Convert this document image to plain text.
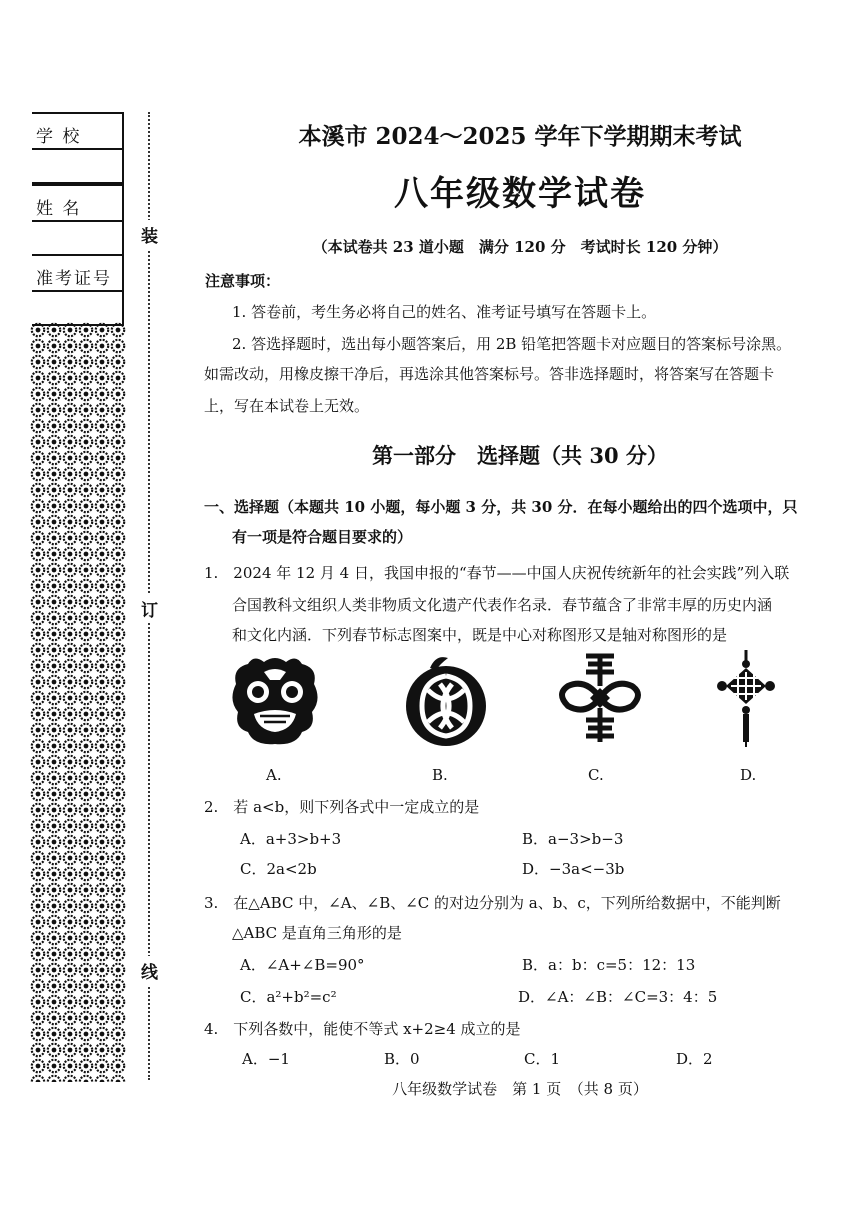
学 校
姓 名
准考证号
装
订
线
本溪市 2024～2025 学年下学期期末考试
八年级数学试卷
（本试卷共 23 道小题　满分 120 分　考试时长 120 分钟）
注意事项：
1. 答卷前，考生务必将自己的姓名、准考证号填写在答题卡上。
2. 答选择题时，选出每小题答案后，用 2B 铅笔把答题卡对应题目的答案标号涂黑。
如需改动，用橡皮擦干净后，再选涂其他答案标号。答非选择题时，将答案写在答题卡
上，写在本试卷上无效。
第一部分　选择题（共 30 分）
一、选择题（本题共 10 小题，每小题 3 分，共 30 分．在每小题给出的四个选项中，只
有一项是符合题目要求的）
1.　2024 年 12 月 4 日，我国申报的“春节——中国人庆祝传统新年的社会实践”列入联
合国教科文组织人类非物质文化遗产代表作名录．春节蕴含了非常丰厚的历史内涵
和文化内涵．下列春节标志图案中，既是中心对称图形又是轴对称图形的是
A.	B.	C.	D.
2.　若 a<b，则下列各式中一定成立的是
A．a+3>b+3	B．a−3>b−3
C．2a<2b	D．−3a<−3b
3.　在△ABC 中，∠A、∠B、∠C 的对边分别为 a、b、c，下列所给数据中，不能判断
△ABC 是直角三角形的是
A．∠A+∠B=90°	B．a：b：c=5：12：13
C．a²+b²=c²	D．∠A：∠B：∠C=3：4：5
4.　下列各数中，能使不等式 x+2≥4 成立的是
A．−1	B．0	C．1	D．2
八年级数学试卷　第 1 页　（共 8 页）
